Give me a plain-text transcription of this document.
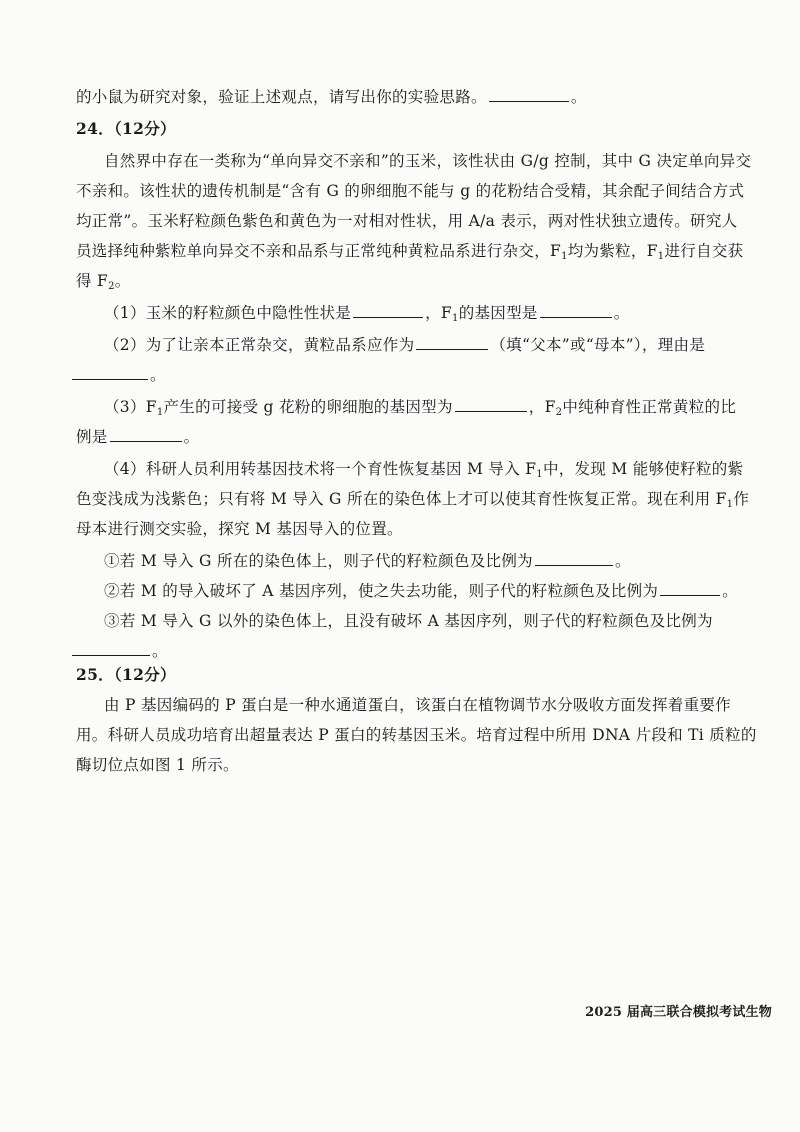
的小鼠为研究对象，验证上述观点，请写出你的实验思路。	。
24．（12分）
自然界中存在一类称为“单向异交不亲和”的玉米，该性状由 G/g 控制，其中 G 决定单向异交
不亲和。该性状的遗传机制是“含有 G 的卵细胞不能与 g 的花粉结合受精，其余配子间结合方式
均正常”。玉米籽粒颜色紫色和黄色为一对相对性状，用 A/a 表示，两对性状独立遗传。研究人
员选择纯种紫粒单向异交不亲和品系与正常纯种黄粒品系进行杂交，$F_1$均为紫粒，$F_1$进行自交获
得 $F_2$。
（1）玉米的籽粒颜色中隐性性状是	，$F_1$的基因型是	。
（2）为了让亲本正常杂交，黄粒品系应作为	（填“父本”或“母本”），理由是
。
$(3)F_1$产生的可接受 g 花粉的卵细胞的基因型为	，$F_2$中纯种育性正常黄粒的比
例是	。
（4）科研人员利用转基因技术将一个育性恢复基因 M 导入 $F_1$中，发现 M 能够使籽粒的紫
色变浅成为浅紫色；只有将 M 导入 G 所在的染色体上才可以使其育性恢复正常。现在利用 $F_1$作
母本进行测交实验，探究 M 基因导入的位置。
①若 M 导入 G 所在的染色体上，则子代的籽粒颜色及比例为	。
②若 M 的导入破坏了 A 基因序列，使之失去功能，则子代的籽粒颜色及比例为	。
③若 M 导入 G 以外的染色体上，且没有破坏 A 基因序列，则子代的籽粒颜色及比例为
。
25．（12分）
由 P 基因编码的 P 蛋白是一种水通道蛋白，该蛋白在植物调节水分吸收方面发挥着重要作
用。科研人员成功培育出超量表达 P 蛋白的转基因玉米。培育过程中所用 DNA 片段和 Ti 质粒的
酶切位点如图 1 所示。
2025 届高三联合模拟考试生物
